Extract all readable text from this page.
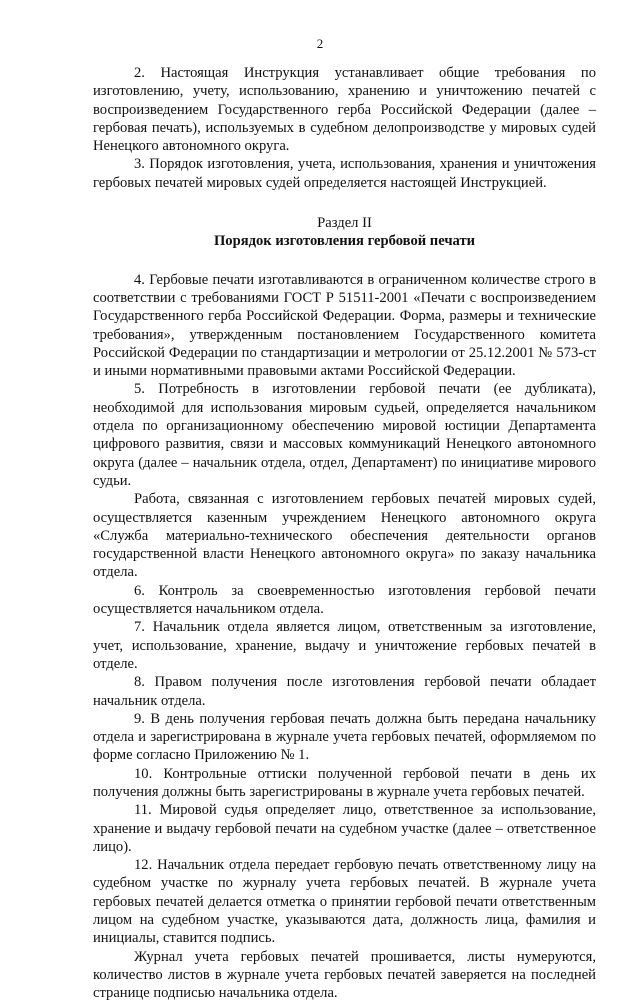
2

2. Настоящая Инструкция устанавливает общие требования по изготовлению, учету, использованию, хранению и уничтожению печатей с воспроизведением Государственного герба Российской Федерации (далее – гербовая печать), используемых в судебном делопроизводстве у мировых судей Ненецкого автономного округа.

3. Порядок изготовления, учета, использования, хранения и уничтожения гербовых печатей мировых судей определяется настоящей Инструкцией.

Раздел II
Порядок изготовления гербовой печати

4. Гербовые печати изготавливаются в ограниченном количестве строго в соответствии с требованиями ГОСТ Р 51511-2001 «Печати с воспроизведением Государственного герба Российской Федерации. Форма, размеры и технические требования», утвержденным постановлением Государственного комитета Российской Федерации по стандартизации и метрологии от 25.12.2001 № 573-ст и иными нормативными правовыми актами Российской Федерации.

5. Потребность в изготовлении гербовой печати (ее дубликата), необходимой для использования мировым судьей, определяется начальником отдела по организационному обеспечению мировой юстиции Департамента цифрового развития, связи и массовых коммуникаций Ненецкого автономного округа (далее – начальник отдела, отдел, Департамент) по инициативе мирового судьи.

Работа, связанная с изготовлением гербовых печатей мировых судей, осуществляется казенным учреждением Ненецкого автономного округа «Служба материально-технического обеспечения деятельности органов государственной власти Ненецкого автономного округа» по заказу начальника отдела.

6. Контроль за своевременностью изготовления гербовой печати осуществляется начальником отдела.

7. Начальник отдела является лицом, ответственным за изготовление, учет, использование, хранение, выдачу и уничтожение гербовых печатей в отделе.

8. Правом получения после изготовления гербовой печати обладает начальник отдела.

9. В день получения гербовая печать должна быть передана начальнику отдела и зарегистрирована в журнале учета гербовых печатей, оформляемом по форме согласно Приложению № 1.

10. Контрольные оттиски полученной гербовой печати в день их получения должны быть зарегистрированы в журнале учета гербовых печатей.

11. Мировой судья определяет лицо, ответственное за использование, хранение и выдачу гербовой печати на судебном участке (далее – ответственное лицо).

12. Начальник отдела передает гербовую печать ответственному лицу на судебном участке по журналу учета гербовых печатей. В журнале учета гербовых печатей делается отметка о принятии гербовой печати ответственным лицом на судебном участке, указываются дата, должность лица, фамилия и инициалы, ставится подпись.

Журнал учета гербовых печатей прошивается, листы нумеруются, количество листов в журнале учета гербовых печатей заверяется на последней странице подписью начальника отдела.
